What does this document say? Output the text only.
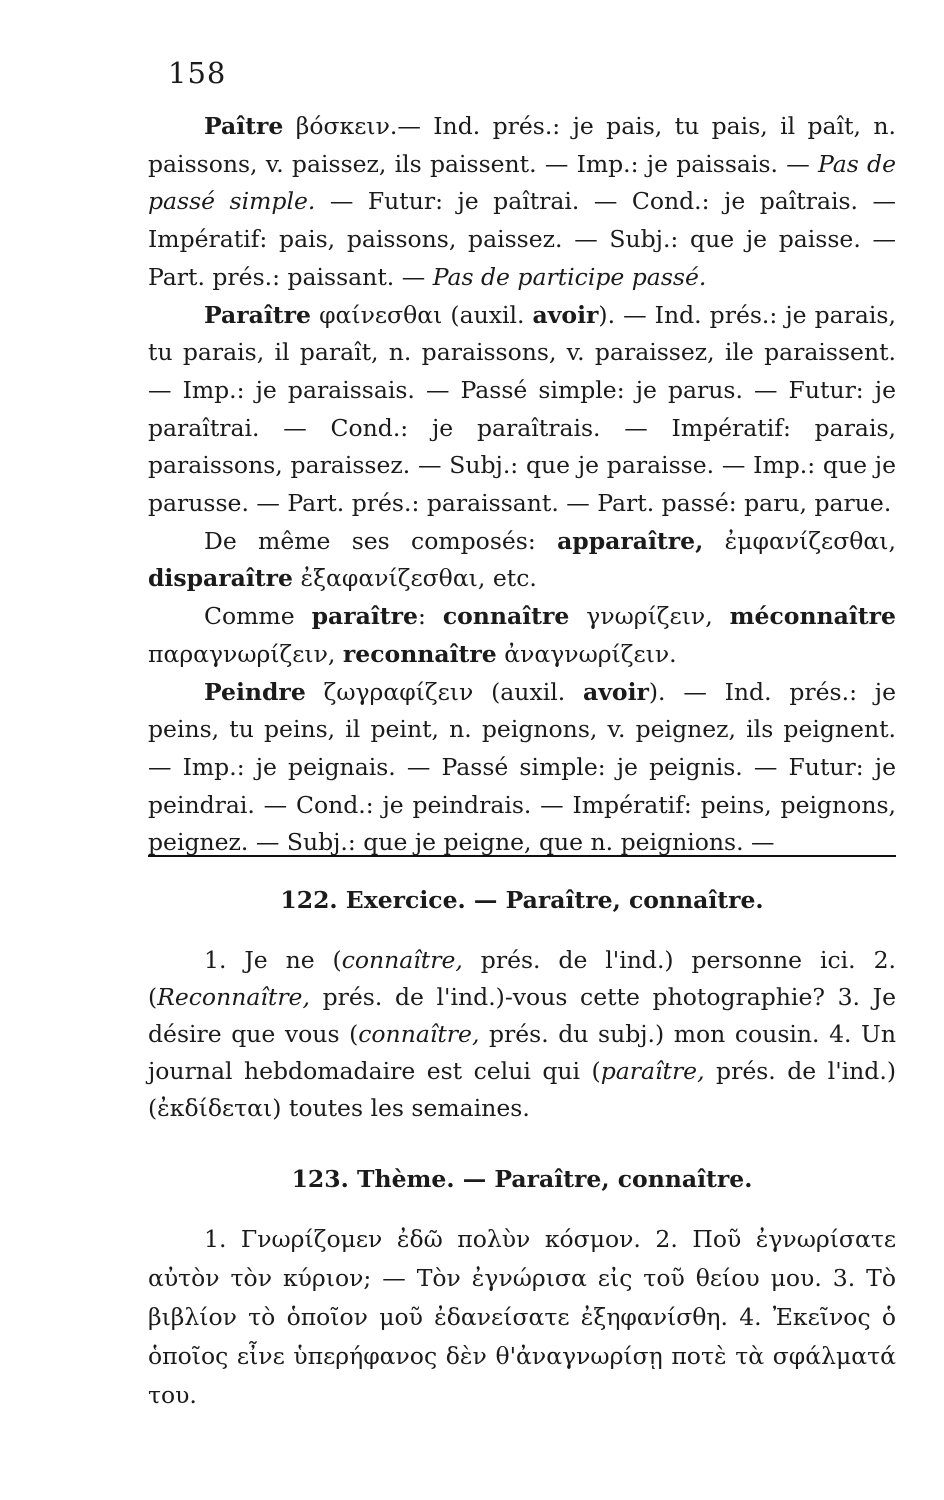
158

Paître βόσκειν.— Ind. prés.: je pais, tu pais, il paît, n. paissons, v. paissez, ils paissent. — Imp.: je paissais. — Pas de passé simple. — Futur: je paîtrai. — Cond.: je paîtrais. — Impératif: pais, paissons, paissez. — Subj.: que je paisse. — Part. prés.: paissant. — Pas de participe passé.

Paraître φαίνεσθαι (auxil. avoir). — Ind. prés.: je parais, tu parais, il paraît, n. paraissons, v. paraissez, ile paraissent. — Imp.: je paraissais. — Passé simple: je parus. — Futur: je paraîtrai. — Cond.: je paraîtrais. — Impératif: parais, paraissons, paraissez. — Subj.: que je paraisse. — Imp.: que je parusse. — Part. prés.: paraissant. — Part. passé: paru, parue.

De même ses composés: apparaître, ἐμφανίζεσθαι, disparaître ἐξαφανίζεσθαι, etc.

Comme paraître: connaître γνωρίζειν, méconnaître παραγνωρίζειν, reconnaître ἀναγνωρίζειν.

Peindre ζωγραφίζειν (auxil. avoir). — Ind. prés.: je peins, tu peins, il peint, n. peignons, v. peignez, ils peignent. — Imp.: je peignais. — Passé simple: je peignis. — Futur: je peindrai. — Cond.: je peindrais. — Impératif: peins, peignons, peignez. — Subj.: que je peigne, que n. peignions. —

122. Exercice. — Paraître, connaître.

1. Je ne (connaître, prés. de l'ind.) personne ici. 2. (Reconnaître, prés. de l'ind.)-vous cette photographie? 3. Je désire que vous (connaître, prés. du subj.) mon cousin. 4. Un journal hebdomadaire est celui qui (paraître, prés. de l'ind.) (ἐκδίδεται) toutes les semaines.

123. Thème. — Paraître, connaître.

1. Γνωρίζομεν ἐδῶ πολὺν κόσμον. 2. Ποῦ ἐγνωρίσατε αὐτὸν τὸν κύριον; — Τὸν ἐγνώρισα εἰς τοῦ θείου μου. 3. Τὸ βιβλίον τὸ ὁποῖον μοῦ ἐδανείσατε ἐξηφανίσθη. 4. Ἐκεῖνος ὁ ὁποῖος εἶνε ὑπερήφανος δὲν θ'ἀναγνωρίσῃ ποτὲ τὰ σφάλματά του.
